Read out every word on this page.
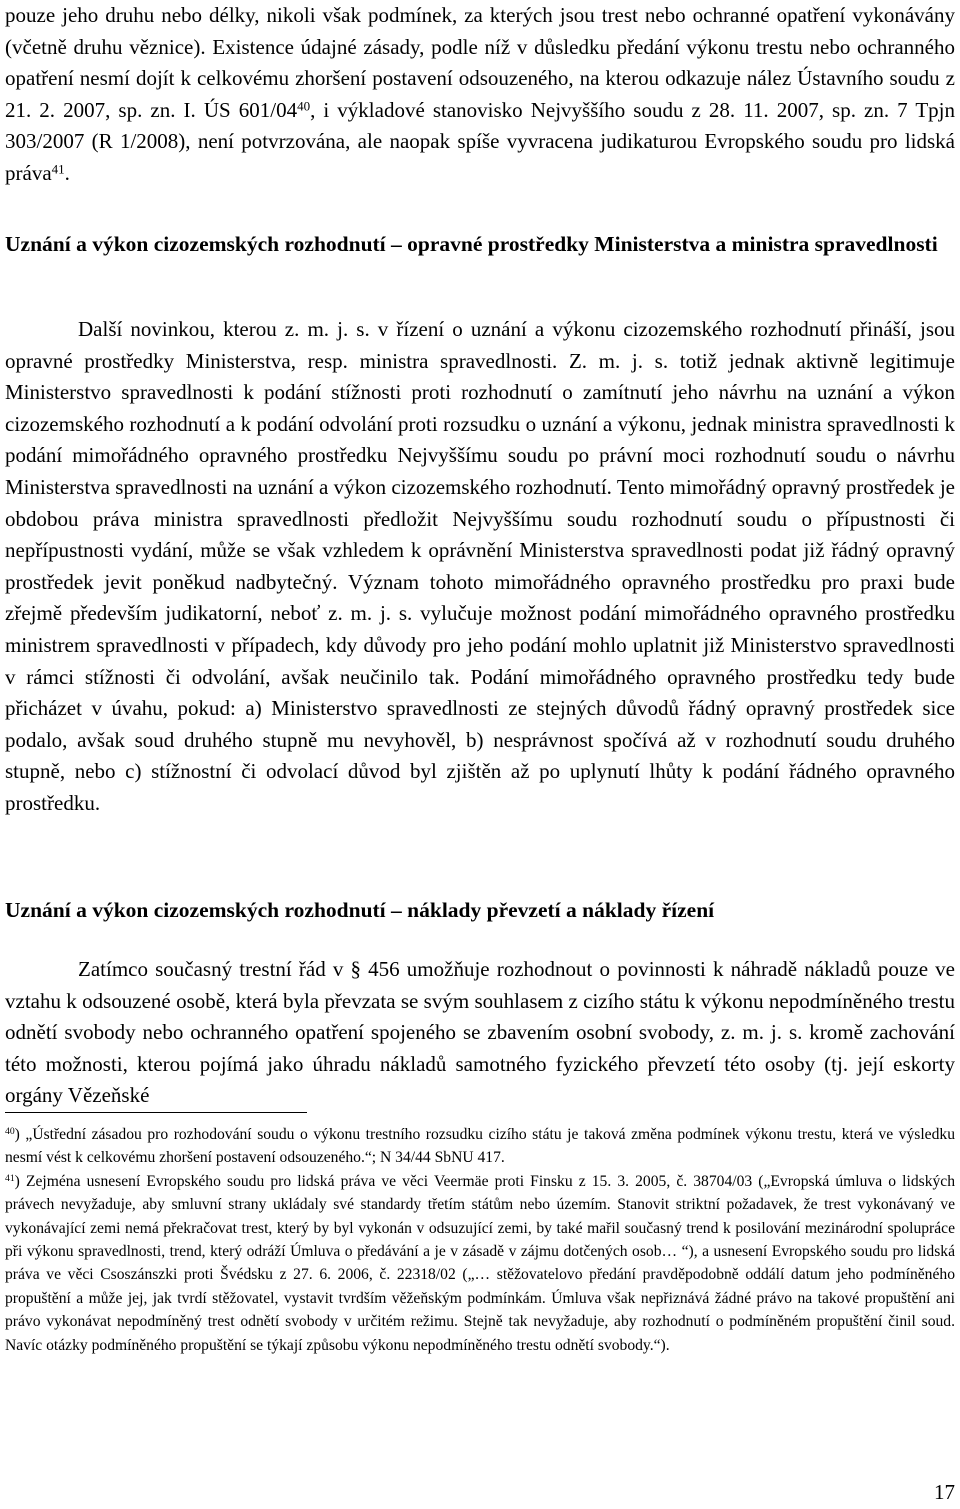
pouze jeho druhu nebo délky, nikoli však podmínek, za kterých jsou trest nebo ochranné opatření vykonávány (včetně druhu věznice). Existence údajné zásady, podle níž v důsledku předání výkonu trestu nebo ochranného opatření nesmí dojít k celkovému zhoršení postavení odsouzeného, na kterou odkazuje nález Ústavního soudu z 21. 2. 2007, sp. zn. I. ÚS $601/04^{40}$, i výkladové stanovisko Nejvyššího soudu z 28. 11. 2007, sp. zn. 7 Tpjn 303/2007 (R 1/2008), není potvrzována, ale naopak spíše vyvracena judikaturou Evropského soudu pro lidská práva$^{41}$.

Uznání a výkon cizozemských rozhodnutí – opravné prostředky Ministerstva a ministra spravedlnosti

Další novinkou, kterou z. m. j. s. v řízení o uznání a výkonu cizozemského rozhodnutí přináší, jsou opravné prostředky Ministerstva, resp. ministra spravedlnosti. Z. m. j. s. totiž jednak aktivně legitimuje Ministerstvo spravedlnosti k podání stížnosti proti rozhodnutí o zamítnutí jeho návrhu na uznání a výkon cizozemského rozhodnutí a k podání odvolání proti rozsudku o uznání a výkonu, jednak ministra spravedlnosti k podání mimořádného opravného prostředku Nejvyššímu soudu po právní moci rozhodnutí soudu o návrhu Ministerstva spravedlnosti na uznání a výkon cizozemského rozhodnutí. Tento mimořádný opravný prostředek je obdobou práva ministra spravedlnosti předložit Nejvyššímu soudu rozhodnutí soudu o přípustnosti či nepřípustnosti vydání, může se však vzhledem k oprávnění Ministerstva spravedlnosti podat již řádný opravný prostředek jevit poněkud nadbytečný. Význam tohoto mimořádného opravného prostředku pro praxi bude zřejmě především judikatorní, neboť z. m. j. s. vylučuje možnost podání mimořádného opravného prostředku ministrem spravedlnosti v případech, kdy důvody pro jeho podání mohlo uplatnit již Ministerstvo spravedlnosti v rámci stížnosti či odvolání, avšak neučinilo tak. Podání mimořádného opravného prostředku tedy bude přicházet v úvahu, pokud: a) Ministerstvo spravedlnosti ze stejných důvodů řádný opravný prostředek sice podalo, avšak soud druhého stupně mu nevyhověl, b) nesprávnost spočívá až v rozhodnutí soudu druhého stupně, nebo c) stížnostní či odvolací důvod byl zjištěn až po uplynutí lhůty k podání řádného opravného prostředku.

Uznání a výkon cizozemských rozhodnutí – náklady převzetí a náklady řízení

Zatímco současný trestní řád v § 456 umožňuje rozhodnout o povinnosti k náhradě nákladů pouze ve vztahu k odsouzené osobě, která byla převzata se svým souhlasem z cizího státu k výkonu nepodmíněného trestu odnětí svobody nebo ochranného opatření spojeného se zbavením osobní svobody, z. m. j. s. kromě zachování této možnosti, kterou pojímá jako úhradu nákladů samotného fyzického převzetí této osoby (tj. její eskorty orgány Vězeňské

$^{40}$) „Ústřední zásadou pro rozhodování soudu o výkonu trestního rozsudku cizího státu je taková změna podmínek výkonu trestu, která ve výsledku nesmí vést k celkovému zhoršení postavení odsouzeného.“; N 34/44 SbNU 417.

$^{41}$) Zejména usnesení Evropského soudu pro lidská práva ve věci Veermäe proti Finsku z 15. 3. 2005, č. 38704/03 („Evropská úmluva o lidských právech nevyžaduje, aby smluvní strany ukládaly své standardy třetím státům nebo územím. Stanovit striktní požadavek, že trest vykonávaný ve vykonávající zemi nemá překračovat trest, který by byl vykonán v odsuzující zemi, by také mařil současný trend k posilování mezinárodní spolupráce při výkonu spravedlnosti, trend, který odráží Úmluva o předávání a je v zásadě v zájmu dotčených osob… “), a usnesení Evropského soudu pro lidská práva ve věci Csoszánszki proti Švédsku z 27. 6. 2006, č. 22318/02 („… stěžovatelovo předání pravděpodobně oddálí datum jeho podmíněného propuštění a může jej, jak tvrdí stěžovatel, vystavit tvrdším věžeňským podmínkám. Úmluva však nepřiznává žádné právo na takové propuštění ani právo vykonávat nepodmíněný trest odnětí svobody v určitém režimu. Stejně tak nevyžaduje, aby rozhodnutí o podmíněném propuštění činil soud. Navíc otázky podmíněného propuštění se týkají způsobu výkonu nepodmíněného trestu odnětí svobody.“).

17
